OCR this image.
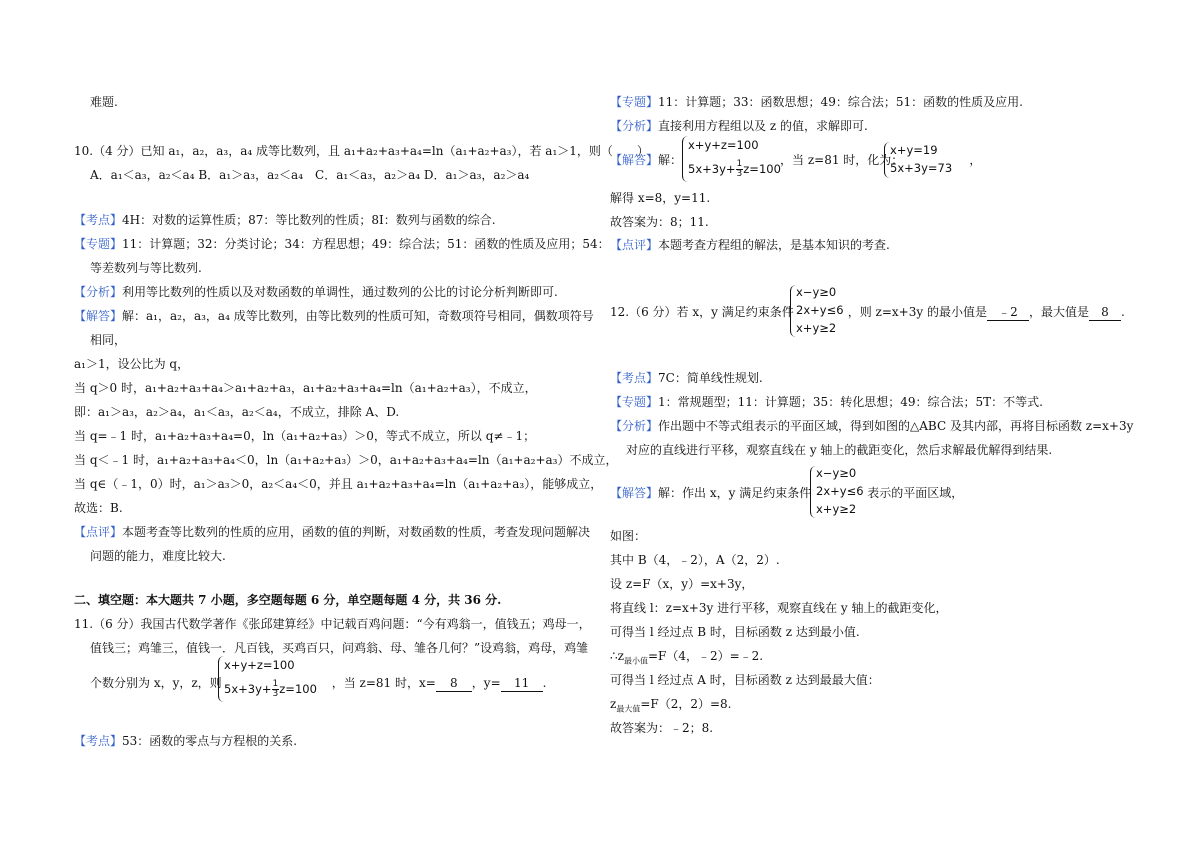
难题.
10.（4 分）已知 a₁，a₂，a₃，a₄ 成等比数列，且 a₁+a₂+a₃+a₄=ln（a₁+a₂+a₃），若 a₁＞1，则（　　）
A．a₁＜a₃，a₂＜a₄ B．a₁＞a₃，a₂＜a₄　C．a₁＜a₃，a₂＞a₄ D．a₁＞a₃，a₂＞a₄
【考点】4H：对数的运算性质；87：等比数列的性质；8I：数列与函数的综合.
【专题】11：计算题；32：分类讨论；34：方程思想；49：综合法；51：函数的性质及应用；54：
等差数列与等比数列.
【分析】利用等比数列的性质以及对数函数的单调性，通过数列的公比的讨论分析判断即可.
【解答】解：a₁，a₂，a₃，a₄ 成等比数列，由等比数列的性质可知，奇数项符号相同，偶数项符号
相同，
a₁＞1，设公比为 q，
当 q＞0 时，a₁+a₂+a₃+a₄＞a₁+a₂+a₃，a₁+a₂+a₃+a₄=ln（a₁+a₂+a₃），不成立，
即：a₁＞a₃，a₂＞a₄，a₁＜a₃，a₂＜a₄，不成立，排除 A、D.
当 q=﹣1 时，a₁+a₂+a₃+a₄=0，ln（a₁+a₂+a₃）＞0，等式不成立，所以 q≠﹣1；
当 q＜﹣1 时，a₁+a₂+a₃+a₄＜0，ln（a₁+a₂+a₃）＞0，a₁+a₂+a₃+a₄=ln（a₁+a₂+a₃）不成立，
当 q∈（﹣1，0）时，a₁＞a₃＞0，a₂＜a₄＜0，并且 a₁+a₂+a₃+a₄=ln（a₁+a₂+a₃），能够成立，
故选：B.
【点评】本题考查等比数列的性质的应用，函数的值的判断，对数函数的性质，考查发现问题解决
问题的能力，难度比较大.
二、填空题：本大题共 7 小题，多空题每题 6 分，单空题每题 4 分，共 36 分.
11.（6 分）我国古代数学著作《张邱建算经》中记载百鸡问题：“今有鸡翁一，值钱五；鸡母一，
值钱三；鸡雏三，值钱一．凡百钱，买鸡百只，问鸡翁、母、雏各几何？”设鸡翁，鸡母，鸡雏
个数分别为 x，y，z，则	，当 z=81 时，x= 8 ，y= 11 .
x+y+z=100
$5x+3y+ \frac{1}{3} z=100$
【考点】53：函数的零点与方程根的关系.
【专题】11：计算题；33：函数思想；49：综合法；51：函数的性质及应用.
【分析】直接利用方程组以及 z 的值，求解即可.
【解答】解：	，当 z=81 时，化为：	，
x+y+z=100
$5x+3y+ \frac{1}{3} z=100$
x+y=19
5x+3y=73
解得 x=8，y=11.
故答案为：8；11.
【点评】本题考查方程组的解法，是基本知识的考查.
12.（6 分）若 x，y 满足约束条件	，则 z=x+3y 的最小值是 ﹣2 ，最大值是 8 .
x−y≥0
2x+y≤6
x+y≥2
【考点】7C：简单线性规划.
【专题】1：常规题型；11：计算题；35：转化思想；49：综合法；5T：不等式.
【分析】作出题中不等式组表示的平面区域，得到如图的△ABC 及其内部，再将目标函数 z=x+3y
对应的直线进行平移，观察直线在 y 轴上的截距变化，然后求解最优解得到结果.
【解答】解：作出 x，y 满足约束条件	表示的平面区域，
x−y≥0
2x+y≤6
x+y≥2
如图：
其中 B（4，﹣2），A（2，2）.
设 z=F（x，y）=x+3y，
将直线 l：z=x+3y 进行平移，观察直线在 y 轴上的截距变化，
可得当 l 经过点 B 时，目标函数 z 达到最小值.
$\therefore z_{最小值}=F(4$，﹣2）=﹣2.
可得当 l 经过点 A 时，目标函数 z 达到最最大值：
$z_{最大值}=F(2$，2）=8.
故答案为：﹣2；8.
